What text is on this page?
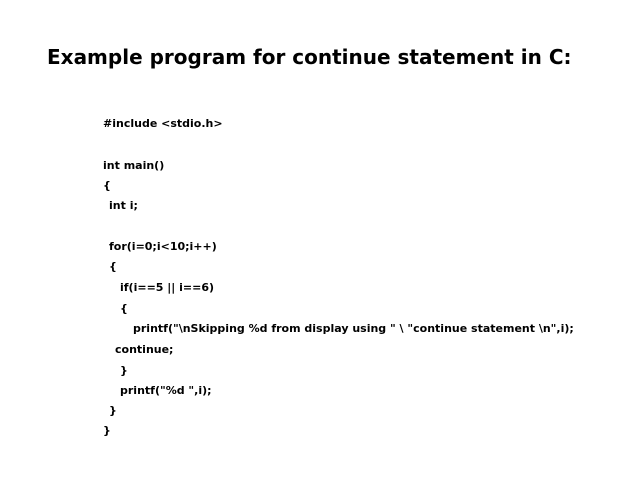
Example program for continue statement in C:
#include <stdio.h>
int main()
{
int i;
for(i=0;i<10;i++)
{
if(i==5 || i==6)
{
printf("\nSkipping %d from display using " \ "continue statement \n",i);
continue;
}
printf("%d ",i);
}
}
